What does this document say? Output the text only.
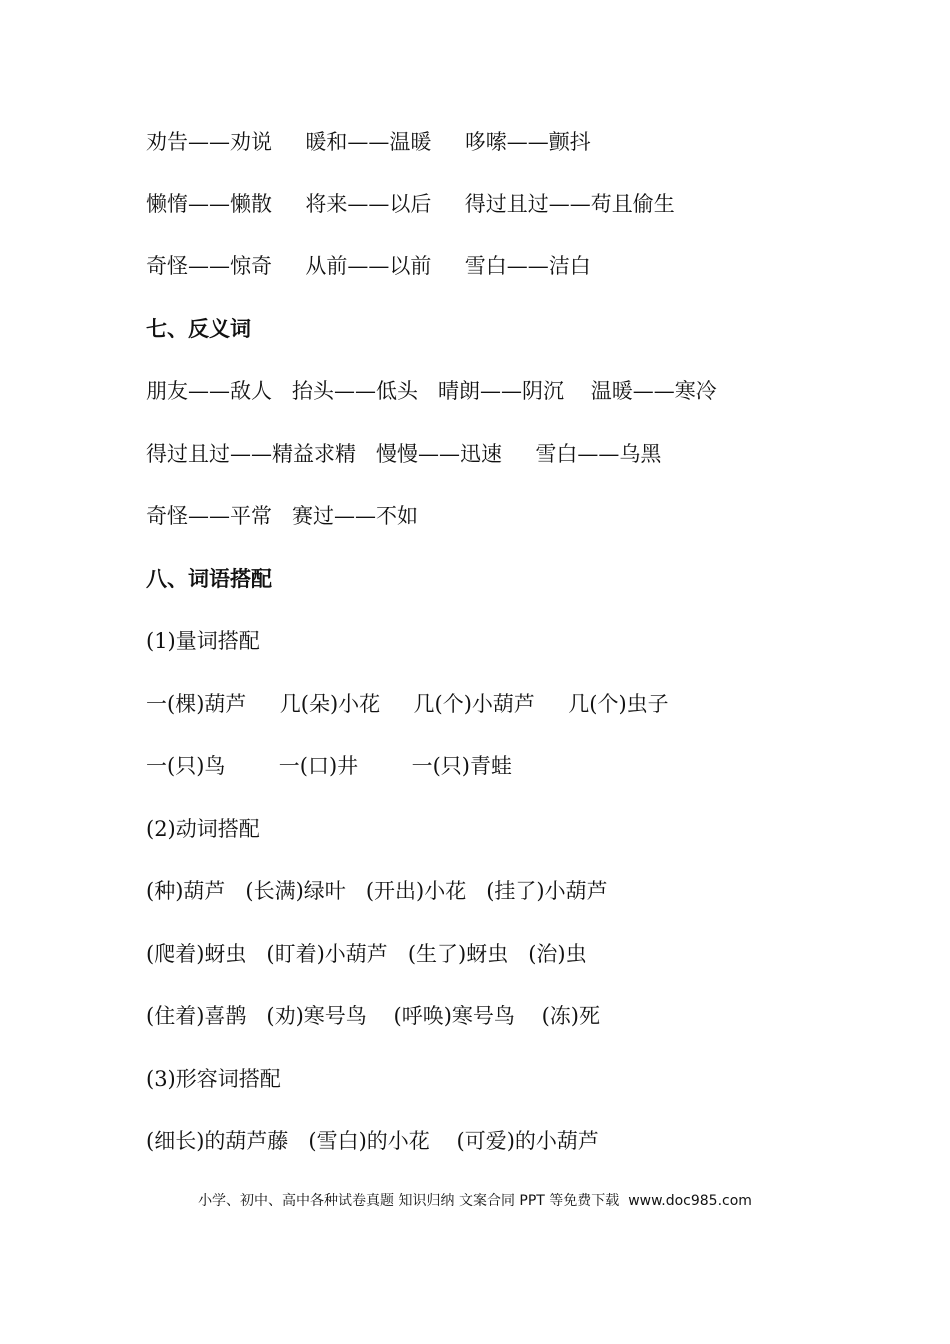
劝告——劝说     暖和——温暖     哆嗦——颤抖
懒惰——懒散     将来——以后     得过且过——苟且偷生
奇怪——惊奇     从前——以前     雪白——洁白
七、反义词
朋友——敌人   抬头——低头   晴朗——阴沉    温暖——寒冷
得过且过——精益求精   慢慢——迅速     雪白——乌黑
奇怪——平常   赛过——不如
八、词语搭配
(1)量词搭配
一(棵)葫芦     几(朵)小花     几(个)小葫芦     几(个)虫子
一(只)鸟        一(口)井        一(只)青蛙
(2)动词搭配
(种)葫芦   (长满)绿叶   (开出)小花   (挂了)小葫芦
(爬着)蚜虫   (盯着)小葫芦   (生了)蚜虫   (治)虫
(住着)喜鹊   (劝)寒号鸟    (呼唤)寒号鸟    (冻)死
(3)形容词搭配
(细长)的葫芦藤   (雪白)的小花    (可爱)的小葫芦
小学、初中、高中各种试卷真题 知识归纳 文案合同 PPT 等免费下载  www.doc985.com
